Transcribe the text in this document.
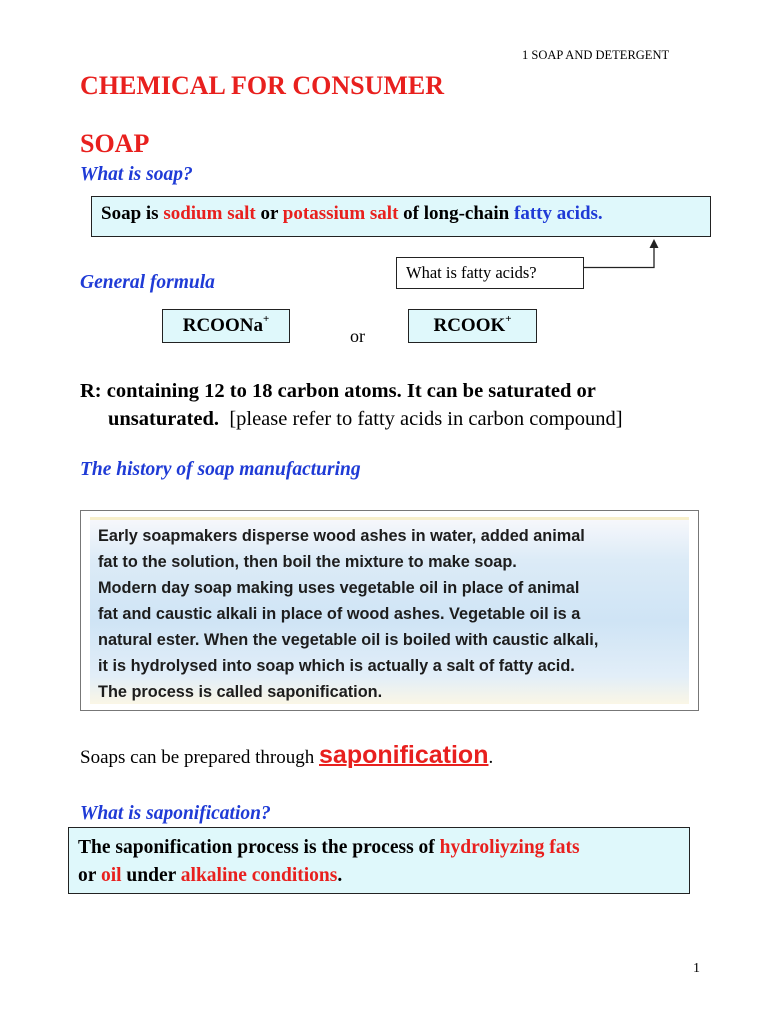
1 SOAP AND DETERGENT
CHEMICAL FOR CONSUMER
SOAP
What is soap?
Soap is sodium salt or potassium salt of long-chain fatty acids.
What is fatty acids?
General formula
RCOONa+
or	RCOOK+
R: containing 12 to 18 carbon atoms. It can be saturated or
unsaturated.  [please refer to fatty acids in carbon compound]
The history of soap manufacturing
Early soapmakers disperse wood ashes in water, added animal
fat to the solution, then boil the mixture to make soap.
Modern day soap making uses vegetable oil in place of animal
fat and caustic alkali in place of wood ashes. Vegetable oil is a
natural ester. When the vegetable oil is boiled with caustic alkali,
it is hydrolysed into soap which is actually a salt of fatty acid.
The process is called saponification.
Soaps can be prepared through saponification.
What is saponification?
The saponification process is the process of hydroliyzing fats
or oil under alkaline conditions.
1
